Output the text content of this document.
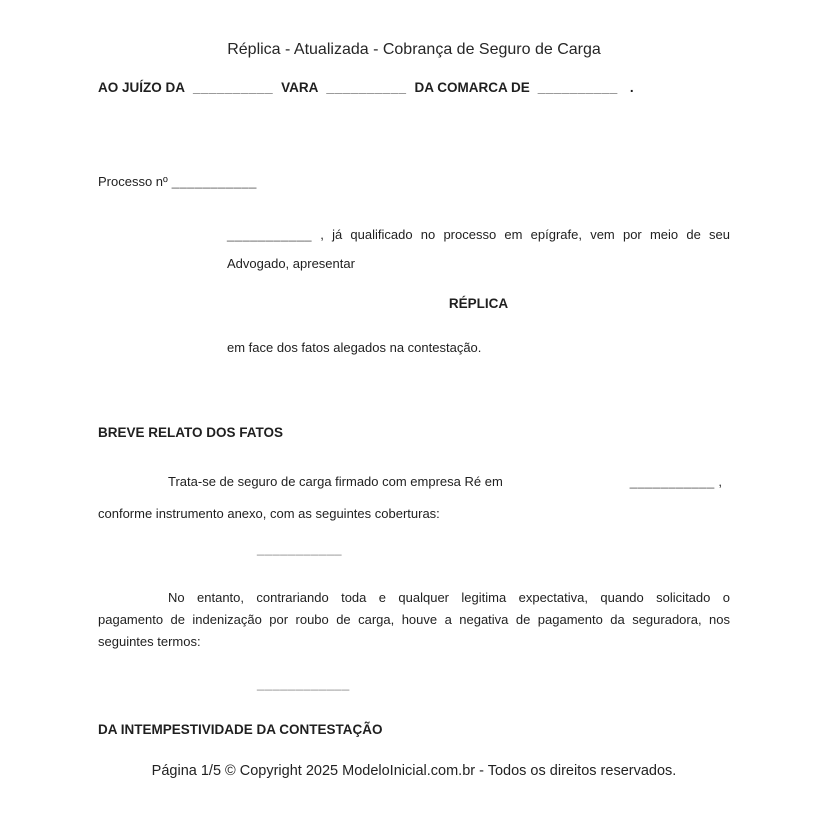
Réplica - Atualizada - Cobrança de Seguro de Carga
AO JUÍZO DA __________ VARA __________ DA COMARCA DE __________ .
Processo nº ___________
___________ , já qualificado no processo em epígrafe, vem por meio de seu
Advogado, apresentar
RÉPLICA
em face dos fatos alegados na contestação.
BREVE RELATO DOS FATOS
Trata-se de seguro de carga firmado com empresa Ré em	___________ ,
conforme instrumento anexo, com as seguintes coberturas:
___________
No entanto, contrariando toda e qualquer legitima expectativa, quando solicitado o
pagamento de indenização por roubo de carga, houve a negativa de pagamento da seguradora, nos
seguintes termos:
____________
DA INTEMPESTIVIDADE DA CONTESTAÇÃO
Página 1/5 © Copyright 2025 ModeloInicial.com.br - Todos os direitos reservados.
